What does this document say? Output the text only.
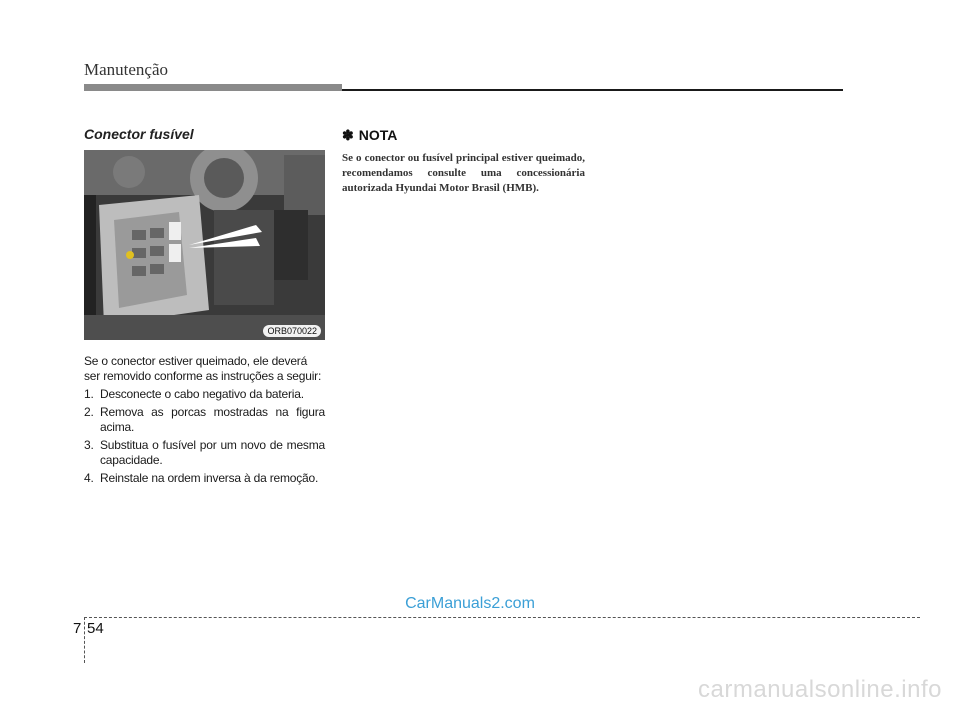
Manutenção
Conector fusível
ORB070022

Se o conector estiver queimado, ele deverá ser removido conforme as instruções a seguir:

1. Desconecte o cabo negativo da bateria.
2. Remova as porcas mostradas na figura acima.
3. Substitua o fusível por um novo de mesma capacidade.
4. Reinstale na ordem inversa à da remoção.
✽ NOTA
Se o conector ou fusível principal estiver queimado, recomendamos consulte uma concessionária autorizada Hyundai Motor Brasil (HMB).
CarManuals2.com
7 54
carmanualsonline.info
